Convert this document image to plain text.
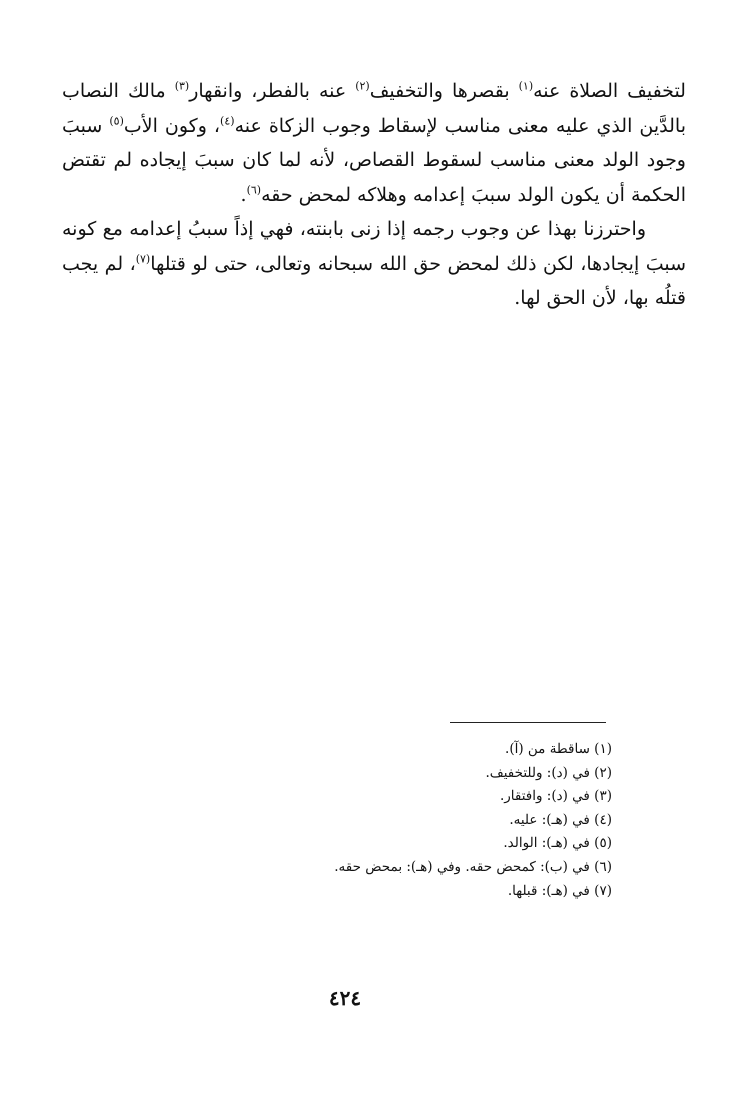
لتخفيف الصلاة عنه$^{(١)}$ بقصرها والتخفيف$^{(٢)}$ عنه بالفطر، وانقهار$^{(٣)}$ مالك النصاب بالدَّين الذي عليه معنى مناسب لإسقاط وجوب الزكاة عنه$^{(٤)}$، وكون الأب$^{(٥)}$ سببَ وجود الولد معنى مناسب لسقوط القصاص، لأنه لما كان سببَ إيجاده لم تقتض الحكمة أن يكون الولد سببَ إعدامه وهلاكه لمحض حقه$^{(٦)}$.

واحترزنا بهذا عن وجوب رجمه إذا زنى بابنته، فهي إذاً سببُ إعدامه مع كونه سببَ إيجادها، لكن ذلك لمحض حق الله سبحانه وتعالى، حتى لو قتلها$^{(٧)}$، لم يجب قتلُه بها، لأن الحق لها.

(١) ساقطة من (آ).
(٢) في (د): وللتخفيف.
(٣) في (د): وافتقار.
(٤) في (هـ): عليه.
(٥) في (هـ): الوالد.
(٦) في (ب): كمحض حقه. وفي (هـ): بمحض حقه.
(٧) في (هـ): قبلها.
٤٢٤
